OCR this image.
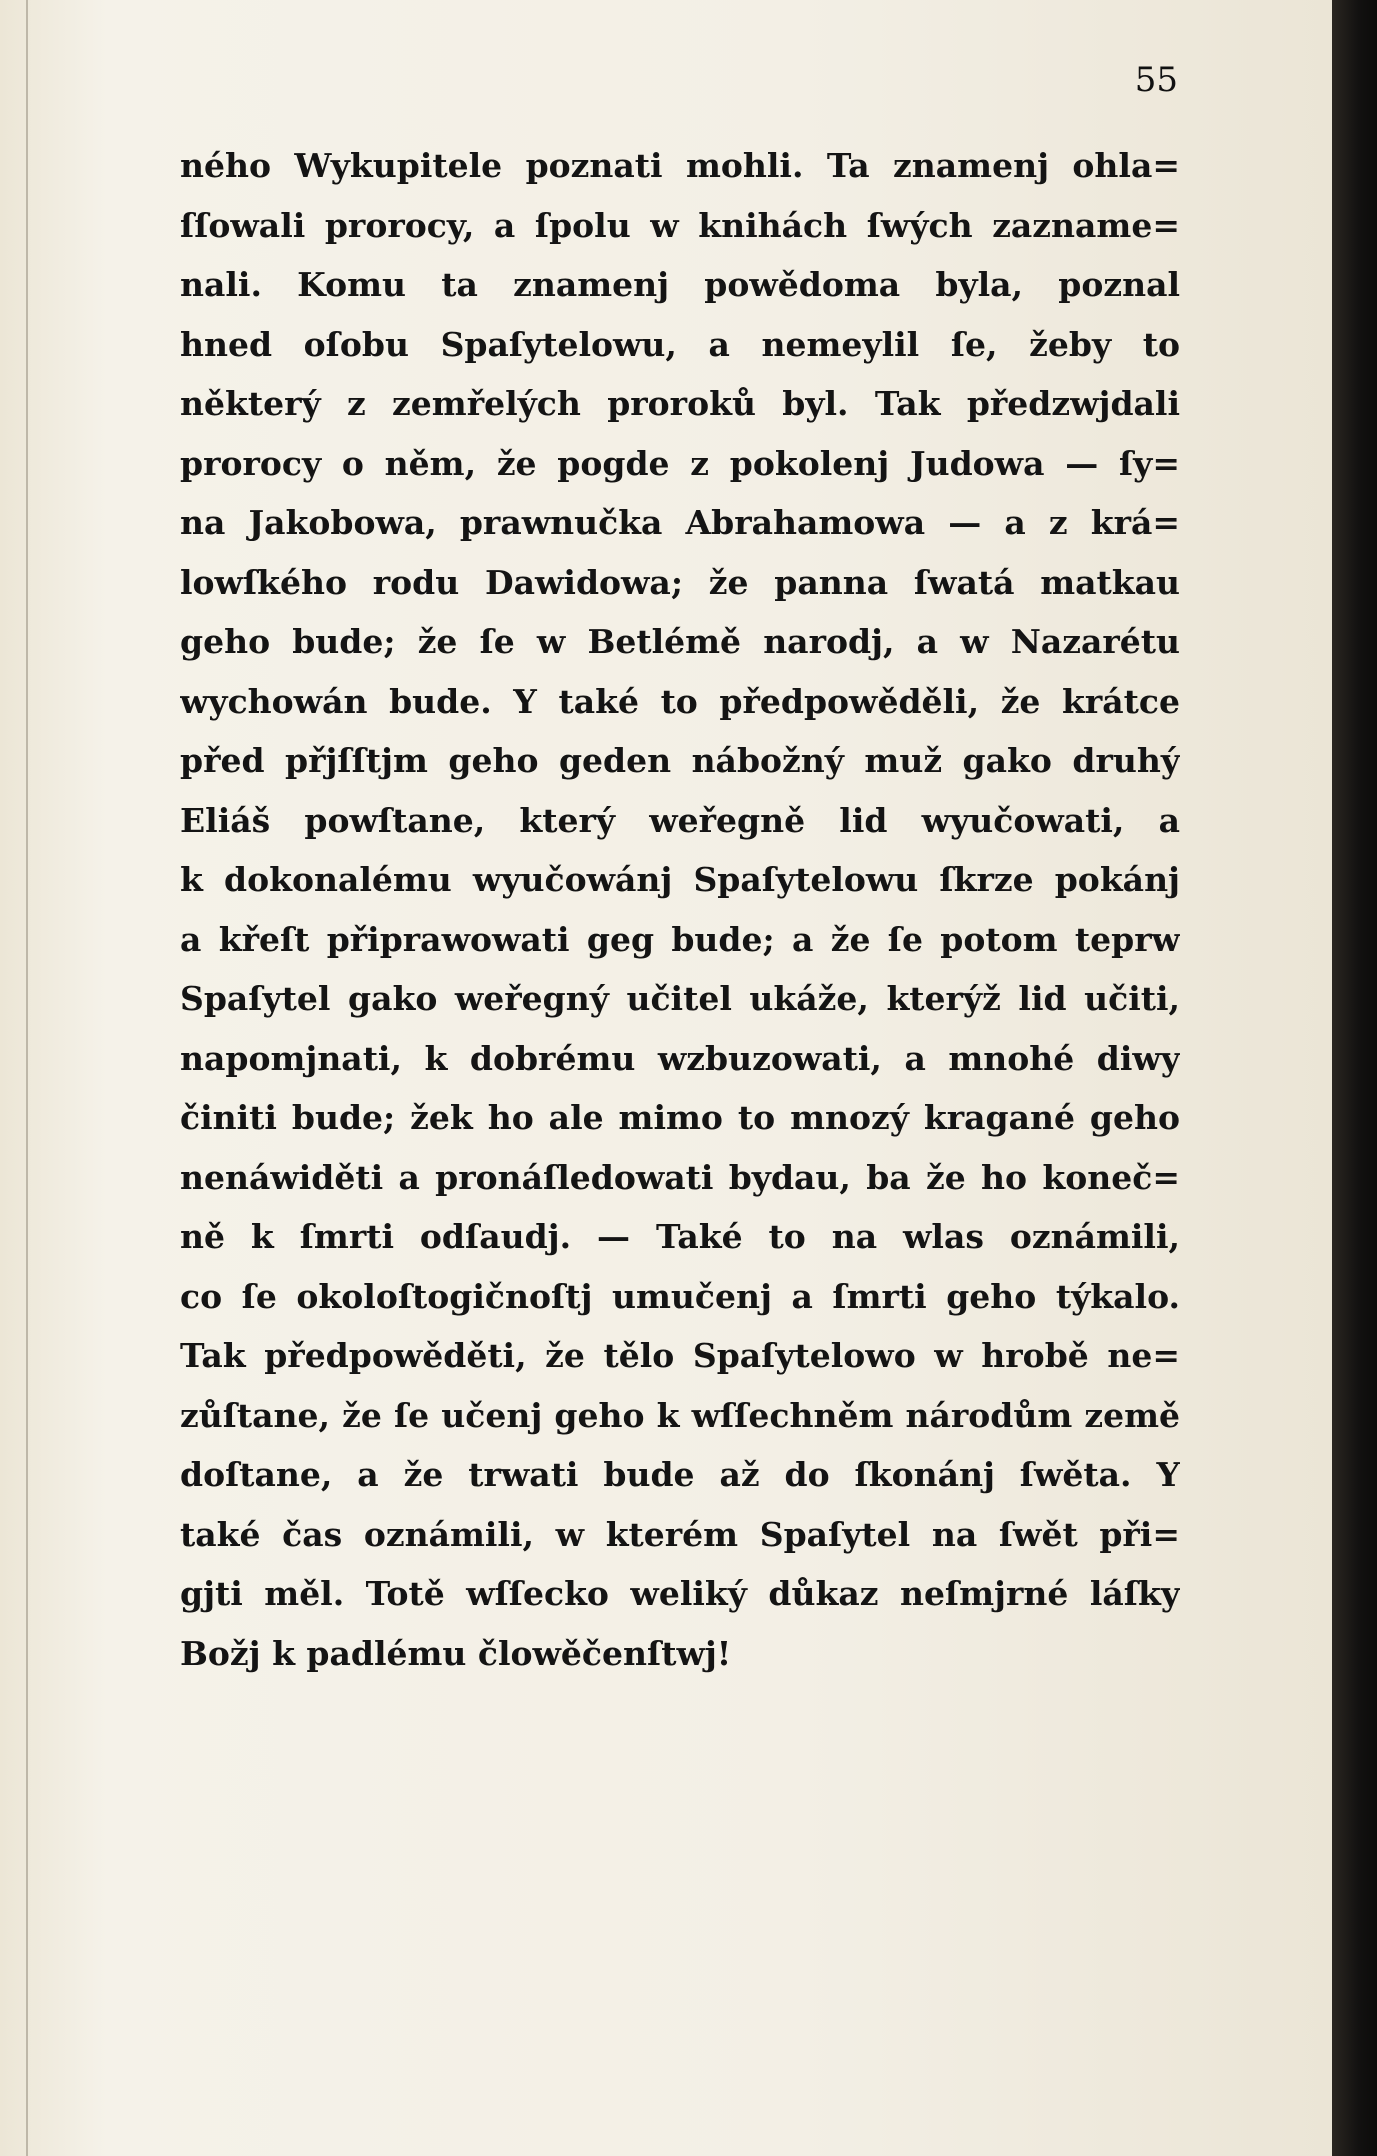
55
ného Wykupitele poznati mohli. Ta znamenj ohla=
ſſowali prorocy, a ſpolu w knihách ſwých zazname=
nali. Komu ta znamenj powědoma byla, poznal
hned oſobu Spaſytelowu, a nemeylil ſe, žeby to
některý z zemřelých proroků byl. Tak předzwjdali
prorocy o něm, že pogde z pokolenj Judowa — ſy=
na Jakobowa, prawnučka Abrahamowa — a z krá=
lowſkého rodu Dawidowa; že panna ſwatá matkau
geho bude; že ſe w Betlémě narodj, a w Nazarétu
wychowán bude. Y také to předpowěděli, že krátce
před přjſſtjm geho geden nábožný muž gako druhý
Eliáš powſtane, který weřegně lid wyučowati, a
k dokonalému wyučowánj Spaſytelowu ſkrze pokánj
a křeſt připrawowati geg bude; a že ſe potom teprw
Spaſytel gako weřegný učitel ukáže, kterýž lid učiti,
napomjnati, k dobrému wzbuzowati, a mnohé diwy
činiti bude; žek ho ale mimo to mnozý kragané geho
nenáwiděti a pronáſledowati bydau, ba že ho koneč=
ně k ſmrti odſaudj. — Také to na wlas oznámili,
co ſe okoloſtogičnoſtj umučenj a ſmrti geho týkalo.
Tak předpowěděti, že tělo Spaſytelowo w hrobě ne=
zůſtane, že ſe učenj geho k wſſechněm národům země
doſtane, a že trwati bude až do ſkonánj ſwěta. Y
také čas oznámili, w kterém Spaſytel na ſwět při=
gjti měl. Totě wſſecko weliký důkaz neſmjrné láſky
Božj k padlému člowěčenſtwj!
